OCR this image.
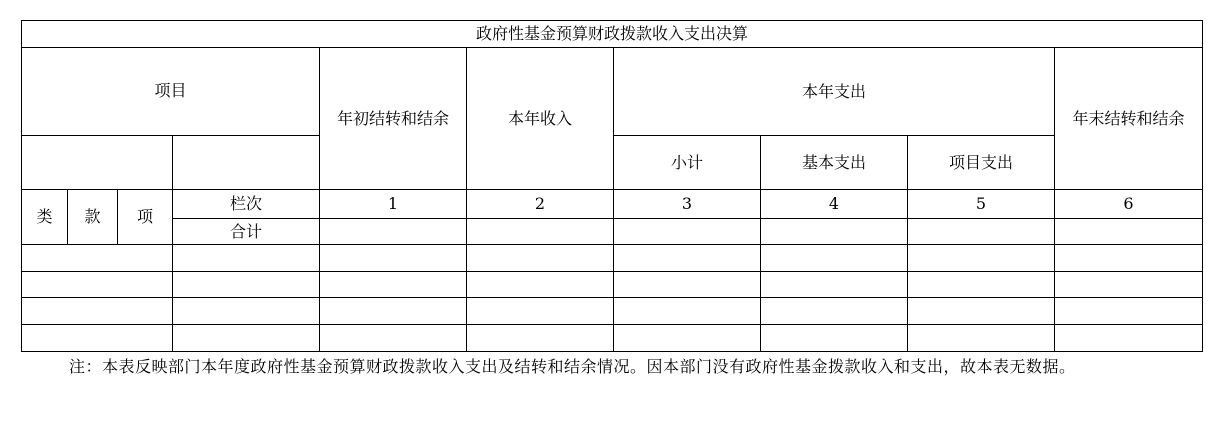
政府性基金预算财政拨款收入支出决算									
项目				年初结转和结余	本年收入	本年支出			年末结转和结余
						小计	基本支出	项目支出	
类	款	项	栏次	1	2	3	4	5	6
			合计						

注：本表反映部门本年度政府性基金预算财政拨款收入支出及结转和结余情况。因本部门没有政府性基金拨款收入和支出，故本表无数据。
